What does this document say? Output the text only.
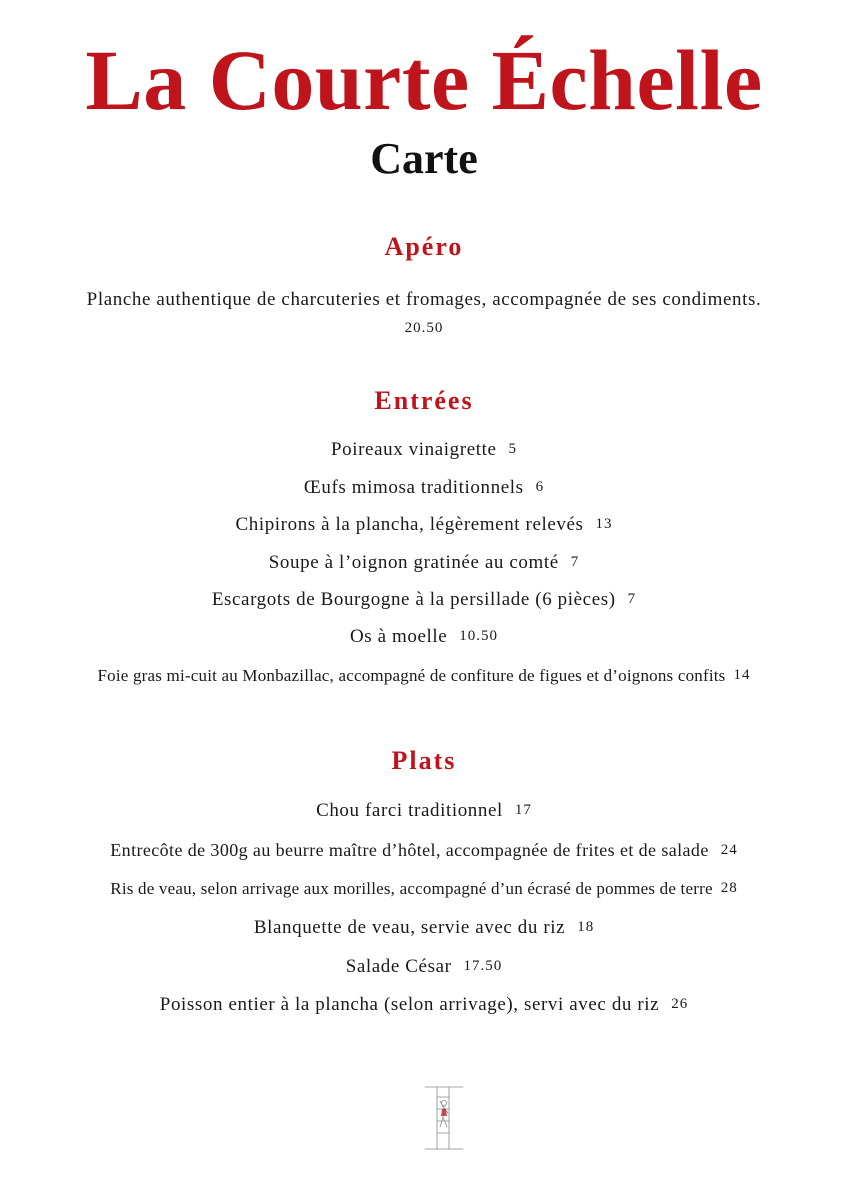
La Courte Échelle
Carte
Apéro
Planche authentique de charcuteries et fromages, accompagnée de ses condiments.
20.50
Entrées
Poireaux vinaigrette 5
Œufs mimosa traditionnels 6
Chipirons à la plancha, légèrement relevés 13
Soupe à l’oignon gratinée au comté 7
Escargots de Bourgogne à la persillade (6 pièces) 7
Os à moelle 10.50
Foie gras mi-cuit au Monbazillac, accompagné de confiture de figues et d’oignons confits 14
Plats
Chou farci traditionnel 17
Entrecôte de 300g au beurre maître d’hôtel, accompagnée de frites et de salade 24
Ris de veau, selon arrivage aux morilles, accompagné d’un écrasé de pommes de terre 28
Blanquette de veau, servie avec du riz 18
Salade César 17.50
Poisson entier à la plancha (selon arrivage), servi avec du riz 26
